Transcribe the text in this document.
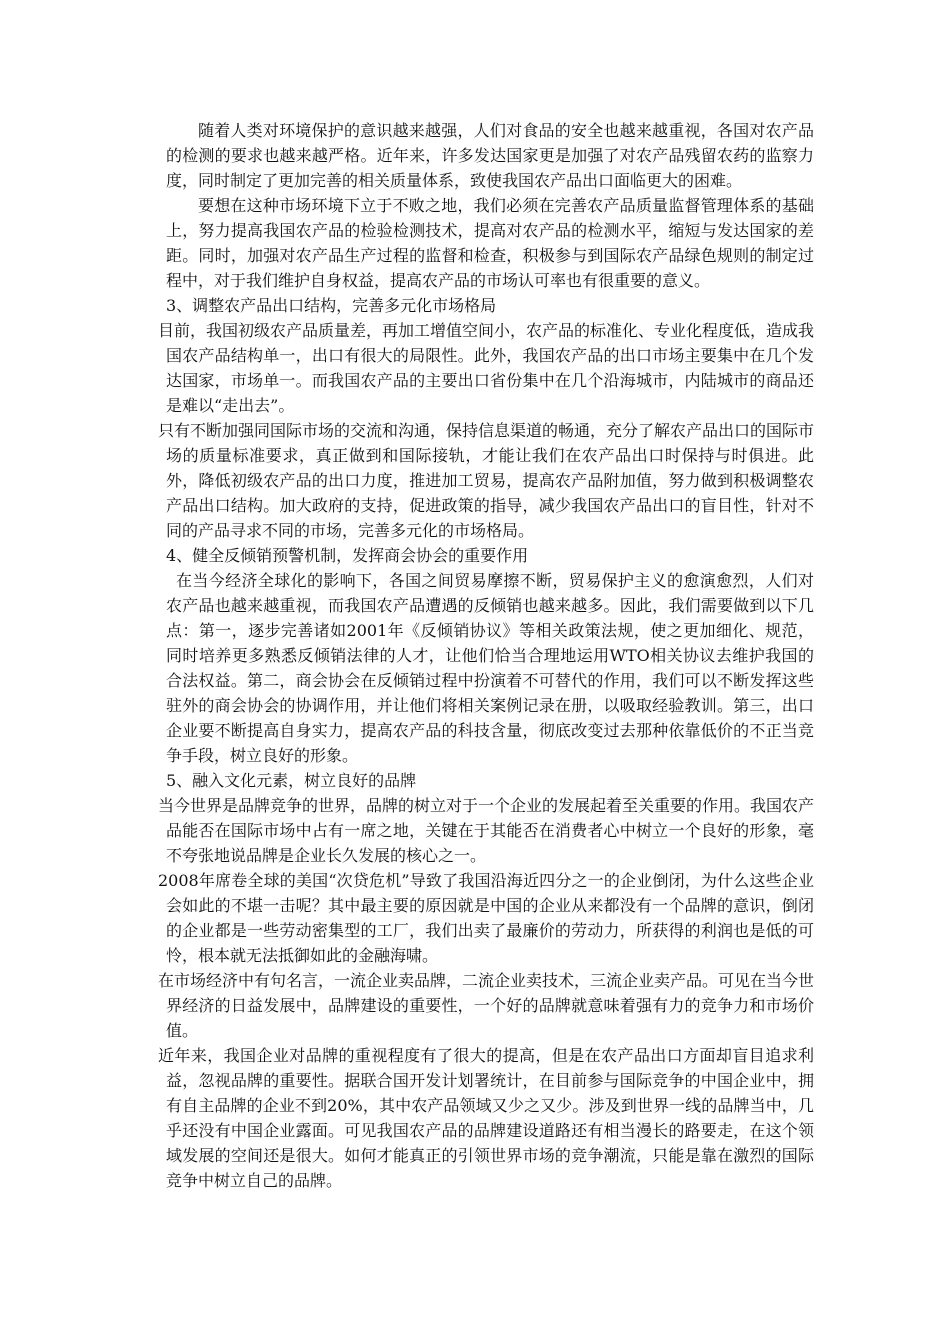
随着人类对环境保护的意识越来越强，人们对食品的安全也越来越重视，各国对农产品的检测的要求也越来越严格。近年来，许多发达国家更是加强了对农产品残留农药的监察力度，同时制定了更加完善的相关质量体系，致使我国农产品出口面临更大的困难。

要想在这种市场环境下立于不败之地，我们必须在完善农产品质量监督管理体系的基础上，努力提高我国农产品的检验检测技术，提高对农产品的检测水平，缩短与发达国家的差距。同时，加强对农产品生产过程的监督和检查，积极参与到国际农产品绿色规则的制定过程中，对于我们维护自身权益，提高农产品的市场认可率也有很重要的意义。

3、调整农产品出口结构，完善多元化市场格局

目前，我国初级农产品质量差，再加工增值空间小，农产品的标准化、专业化程度低，造成我国农产品结构单一，出口有很大的局限性。此外，我国农产品的出口市场主要集中在几个发达国家，市场单一。而我国农产品的主要出口省份集中在几个沿海城市，内陆城市的商品还是难以“走出去”。

只有不断加强同国际市场的交流和沟通，保持信息渠道的畅通，充分了解农产品出口的国际市场的质量标准要求，真正做到和国际接轨，才能让我们在农产品出口时保持与时俱进。此外，降低初级农产品的出口力度，推进加工贸易，提高农产品附加值，努力做到积极调整农产品出口结构。加大政府的支持，促进政策的指导，减少我国农产品出口的盲目性，针对不同的产品寻求不同的市场，完善多元化的市场格局。

4、健全反倾销预警机制，发挥商会协会的重要作用

在当今经济全球化的影响下，各国之间贸易摩擦不断，贸易保护主义的愈演愈烈，人们对农产品也越来越重视，而我国农产品遭遇的反倾销也越来越多。因此，我们需要做到以下几点：第一，逐步完善诸如2001年《反倾销协议》等相关政策法规，使之更加细化、规范，同时培养更多熟悉反倾销法律的人才，让他们恰当合理地运用WTO相关协议去维护我国的合法权益。第二，商会协会在反倾销过程中扮演着不可替代的作用，我们可以不断发挥这些驻外的商会协会的协调作用，并让他们将相关案例记录在册，以吸取经验教训。第三，出口企业要不断提高自身实力，提高农产品的科技含量，彻底改变过去那种依靠低价的不正当竞争手段，树立良好的形象。

5、融入文化元素，树立良好的品牌

当今世界是品牌竞争的世界，品牌的树立对于一个企业的发展起着至关重要的作用。我国农产品能否在国际市场中占有一席之地，关键在于其能否在消费者心中树立一个良好的形象，毫不夸张地说品牌是企业长久发展的核心之一。

2008年席卷全球的美国“次贷危机”导致了我国沿海近四分之一的企业倒闭，为什么这些企业会如此的不堪一击呢？其中最主要的原因就是中国的企业从来都没有一个品牌的意识，倒闭的企业都是一些劳动密集型的工厂，我们出卖了最廉价的劳动力，所获得的利润也是低的可怜，根本就无法抵御如此的金融海啸。

在市场经济中有句名言，一流企业卖品牌，二流企业卖技术，三流企业卖产品。可见在当今世界经济的日益发展中，品牌建设的重要性，一个好的品牌就意味着强有力的竞争力和市场价值。

近年来，我国企业对品牌的重视程度有了很大的提高，但是在农产品出口方面却盲目追求利益，忽视品牌的重要性。据联合国开发计划署统计，在目前参与国际竞争的中国企业中，拥有自主品牌的企业不到20%，其中农产品领域又少之又少。涉及到世界一线的品牌当中，几乎还没有中国企业露面。可见我国农产品的品牌建设道路还有相当漫长的路要走，在这个领域发展的空间还是很大。如何才能真正的引领世界市场的竞争潮流，只能是靠在激烈的国际竞争中树立自己的品牌。
